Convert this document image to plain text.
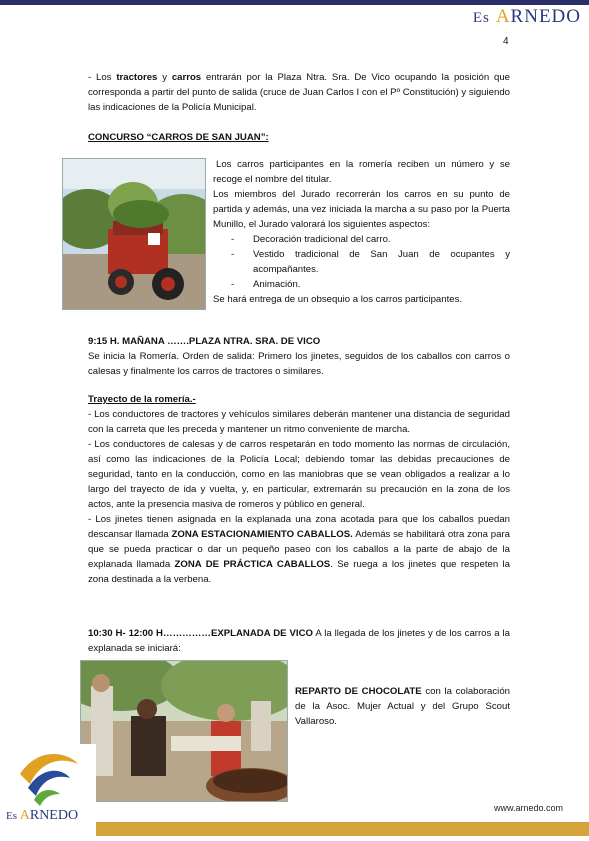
Es ARNEDO
4

- Los tractores y carros entrarán por la Plaza Ntra. Sra. De Vico ocupando la posición que corresponda a partir del punto de salida (cruce de Juan Carlos I con el Pº Constitución) y siguiendo las indicaciones de la Policía Municipal.

CONCURSO “CARROS DE SAN JUAN”:

Los carros participantes en la romería reciben un número y se recoge el nombre del titular.

Los miembros del Jurado recorrerán los carros en su punto de partida y además, una vez iniciada la marcha a su paso por la Puerta Munillo, el Jurado valorará los siguientes aspectos:

-	Decoración tradicional del carro.
-	Vestido tradicional de San Juan de ocupantes y acompañantes.
-	Animación.

Se hará entrega de un obsequio a los carros participantes.

9:15 H. MAÑANA …….PLAZA NTRA. SRA. DE VICO

Se inicia la Romería. Orden de salida: Primero los jinetes, seguidos de los caballos con carros o calesas y finalmente los carros de tractores o similares.

Trayecto de la romería.-

- Los conductores de tractores y vehículos similares deberán mantener una distancia de seguridad con la carreta que les preceda y mantener un ritmo conveniente de marcha.

- Los conductores de calesas y de carros respetarán en todo momento las normas de circulación, así como las indicaciones de la Policía Local; debiendo tomar las debidas precauciones de seguridad, tanto en la conducción, como en las maniobras que se vean obligados a realizar a lo largo del trayecto de ida y vuelta, y, en particular, extremarán su precaución en la zona de los actos, ante la presencia masiva de romeros y público en general.

- Los jinetes tienen asignada en la explanada una zona acotada para que los caballos puedan descansar llamada ZONA ESTACIONAMIENTO CABALLOS. Además se habilitará otra zona para que se pueda practicar o dar un pequeño paseo con los caballos a la parte de abajo de la explanada llamada ZONA DE PRÁCTICA CABALLOS. Se ruega a los jinetes que respeten la zona destinada a la verbena.

10:30 H- 12:00 H……………EXPLANADA DE VICO A la llegada de los jinetes y de los carros a la explanada se iniciará:

REPARTO DE CHOCOLATE con la colaboración de la Asoc. Mujer Actual y del Grupo Scout Vallaroso.

www.arnedo.com
Es ARNEDO
